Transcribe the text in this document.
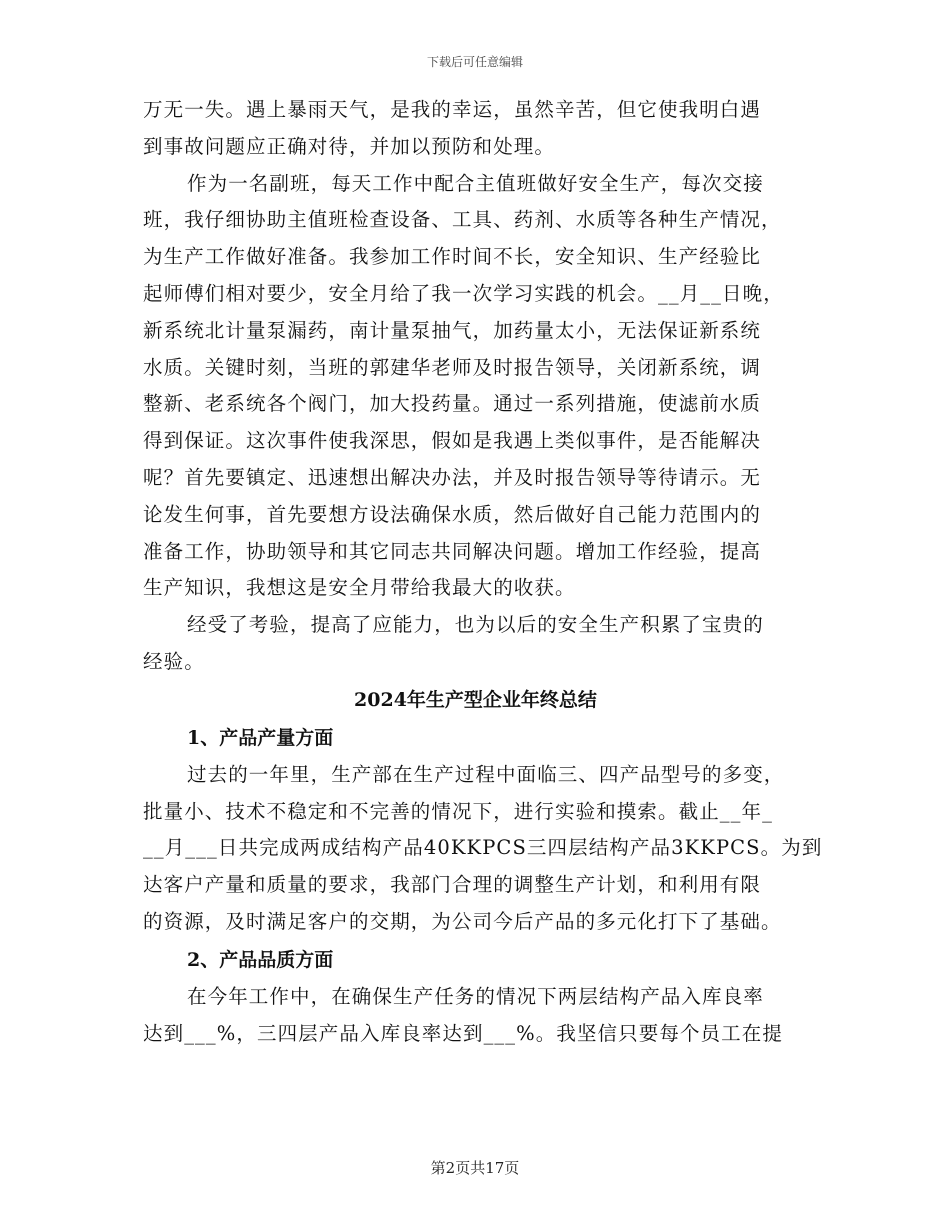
下载后可任意编辑
万无一失。遇上暴雨天气，是我的幸运，虽然辛苦，但它使我明白遇
到事故问题应正确对待，并加以预防和处理。
作为一名副班，每天工作中配合主值班做好安全生产，每次交接
班，我仔细协助主值班检查设备、工具、药剂、水质等各种生产情况，
为生产工作做好准备。我参加工作时间不长，安全知识、生产经验比
起师傅们相对要少，安全月给了我一次学习实践的机会。__月__日晚，
新系统北计量泵漏药，南计量泵抽气，加药量太小，无法保证新系统
水质。关键时刻，当班的郭建华老师及时报告领导，关闭新系统，调
整新、老系统各个阀门，加大投药量。通过一系列措施，使滤前水质
得到保证。这次事件使我深思，假如是我遇上类似事件，是否能解决
呢？首先要镇定、迅速想出解决办法，并及时报告领导等待请示。无
论发生何事，首先要想方设法确保水质，然后做好自己能力范围内的
准备工作，协助领导和其它同志共同解决问题。增加工作经验，提高
生产知识，我想这是安全月带给我最大的收获。
经受了考验，提高了应能力，也为以后的安全生产积累了宝贵的
经验。
2024年生产型企业年终总结
1、产品产量方面
过去的一年里，生产部在生产过程中面临三、四产品型号的多变，
批量小、技术不稳定和不完善的情况下，进行实验和摸索。截止__年_
__月___日共完成两成结构产品40KKPCS三四层结构产品3KKPCS。为到
达客户产量和质量的要求，我部门合理的调整生产计划，和利用有限
的资源，及时满足客户的交期，为公司今后产品的多元化打下了基础。
2、产品品质方面
在今年工作中，在确保生产任务的情况下两层结构产品入库良率
达到___%，三四层产品入库良率达到___%。我坚信只要每个员工在提
第2页共17页
